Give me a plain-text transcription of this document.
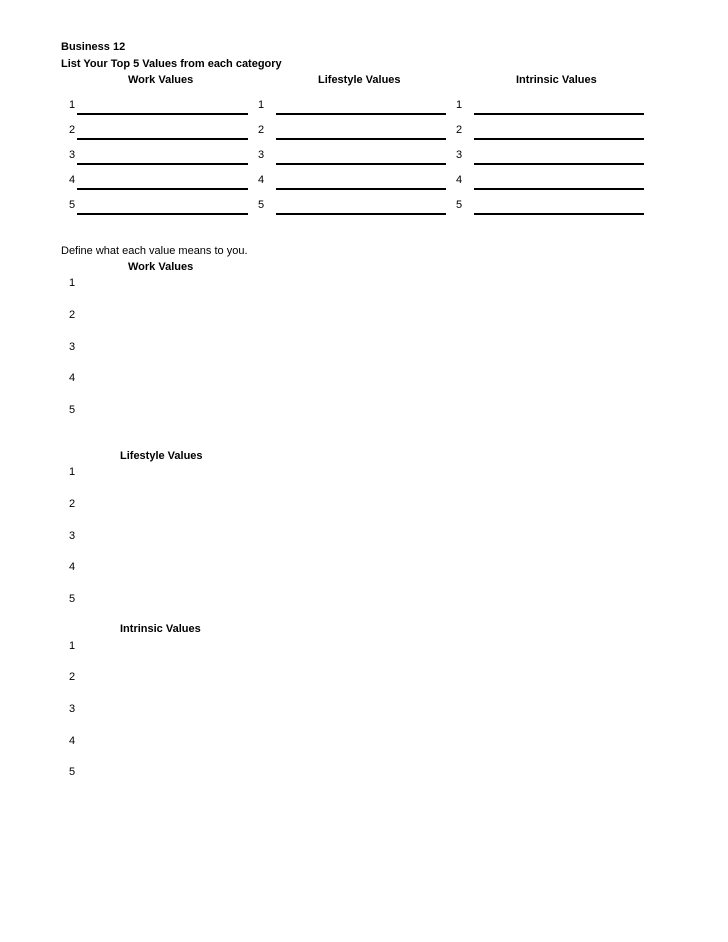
Business 12
List Your Top 5 Values from each category
Work Values	Lifestyle Values	Intrinsic Values
1
2
3
4
5
1
2
3
4
5
1
2
3
4
5
Define what each value means to you.
Work Values
1
2
3
4
5
Lifestyle Values
1
2
3
4
5
Intrinsic Values
1
2
3
4
5
